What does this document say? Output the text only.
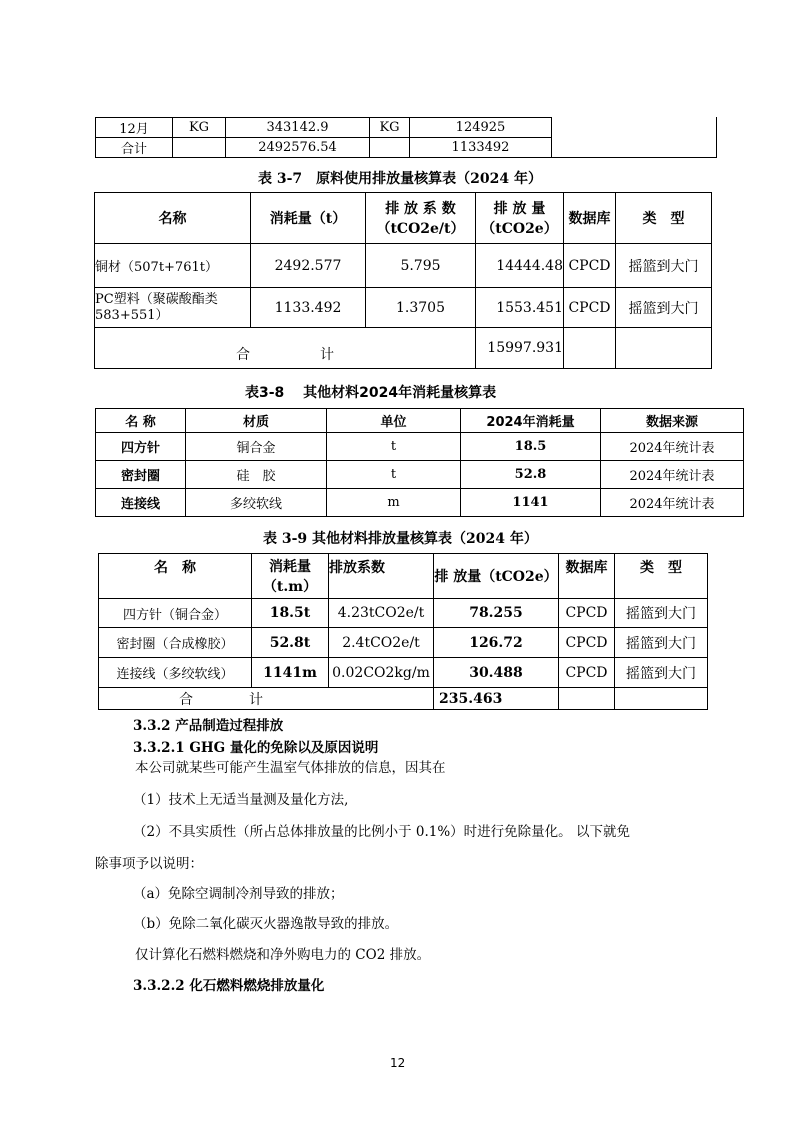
12月	KG	343142.9	KG	124925
合计		2492576.54		1133492
表 3-7　原料使用排放量核算表（2024 年）
名称	消耗量（t）	排 放 系 数（tCO2e/t）	排 放 量（tCO2e）	数据库	类　型
铜材（507t+761t）	2492.577	5.795	14444.48	CPCD	摇篮到大门
PC塑料（聚碳酸酯类583+551）	1133.492	1.3705	1553.451	CPCD	摇篮到大门
合　　　　　计			15997.931		
表3-8　 其他材料2024年消耗量核算表
名 称	材质	单位	2024年消耗量	数据来源
四方针	铜合金	t	18.5	2024年统计表
密封圈	硅　胶	t	52.8	2024年统计表
连接线	多绞软线	m	1141	2024年统计表
表 3-9 其他材料排放量核算表（2024 年）
名　称	消耗量（t.m）	排放系数	排 放量（tCO2e）	数据库	类　型
四方针（铜合金）	18.5t	4.23tCO2e/t	78.255	CPCD	摇篮到大门
密封圈（合成橡胶）	52.8t	2.4tCO2e/t	126.72	CPCD	摇篮到大门
连接线（多绞软线）	1141m	0.02CO2kg/m	30.488	CPCD	摇篮到大门
合　　　　计			235.463		
3.3.2 产品制造过程排放
3.3.2.1 GHG 量化的免除以及原因说明
本公司就某些可能产生温室气体排放的信息，因其在
（1）技术上无适当量测及量化方法,
（2）不具实质性（所占总体排放量的比例小于 0.1%）时进行免除量化。 以下就免
除事项予以说明：
（a）免除空调制冷剂导致的排放；
（b）免除二氧化碳灭火器逸散导致的排放。
仅计算化石燃料燃烧和净外购电力的 CO2 排放。
3.3.2.2 化石燃料燃烧排放量化
12
